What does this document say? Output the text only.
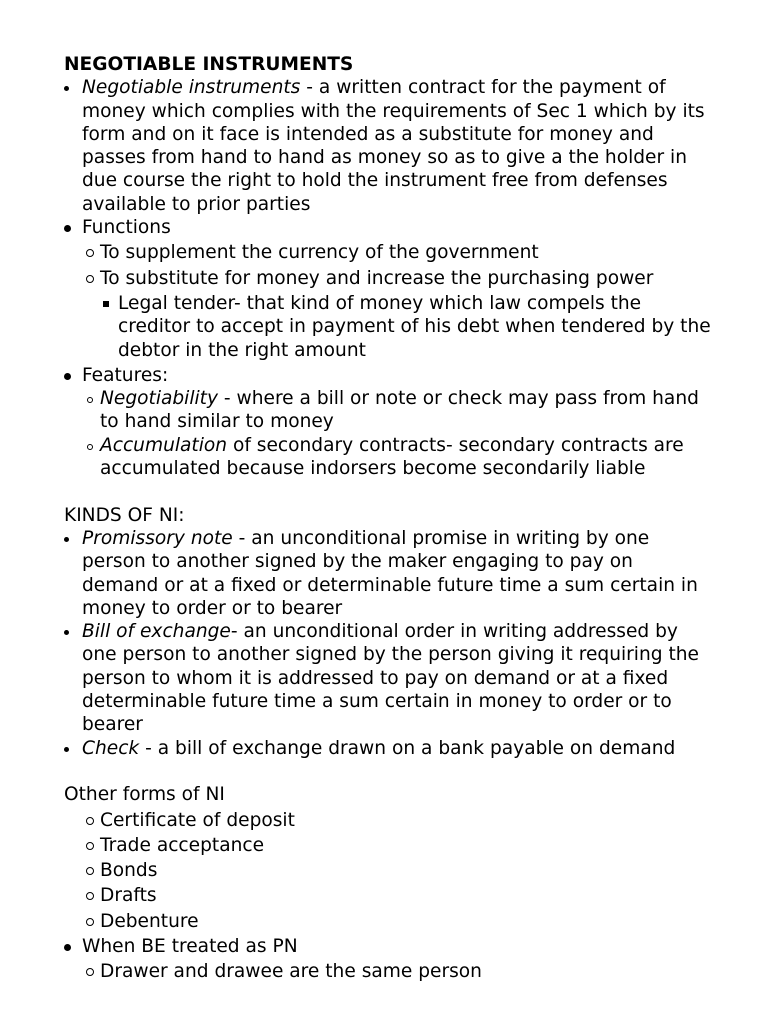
NEGOTIABLE INSTRUMENTS

Negotiable instruments - a written contract for the payment of money which complies with the requirements of Sec 1 which by its form and on it face is intended as a substitute for money and passes from hand to hand as money so as to give a the holder in due course the right to hold the instrument free from defenses available to prior parties
Functions
To supplement the currency of the government
To substitute for money and increase the purchasing power
Legal tender- that kind of money which law compels the creditor to accept in payment of his debt when tendered by the debtor in the right amount
Features:
Negotiability - where a bill or note or check may pass from hand to hand similar to money
Accumulation of secondary contracts- secondary contracts are accumulated because indorsers become secondarily liable

KINDS OF NI:

Promissory note - an unconditional promise in writing by one person to another signed by the maker engaging to pay on demand or at a fixed or determinable future time a sum certain in money to order or to bearer
Bill of exchange- an unconditional order in writing addressed by one person to another signed by the person giving it requiring the person to whom it is addressed to pay on demand or at a fixed determinable future time a sum certain in money to order or to bearer
Check - a bill of exchange drawn on a bank payable on demand

Other forms of NI

Certificate of deposit
Trade acceptance
Bonds
Drafts
Debenture
When BE treated as PN
Drawer and drawee are the same person
